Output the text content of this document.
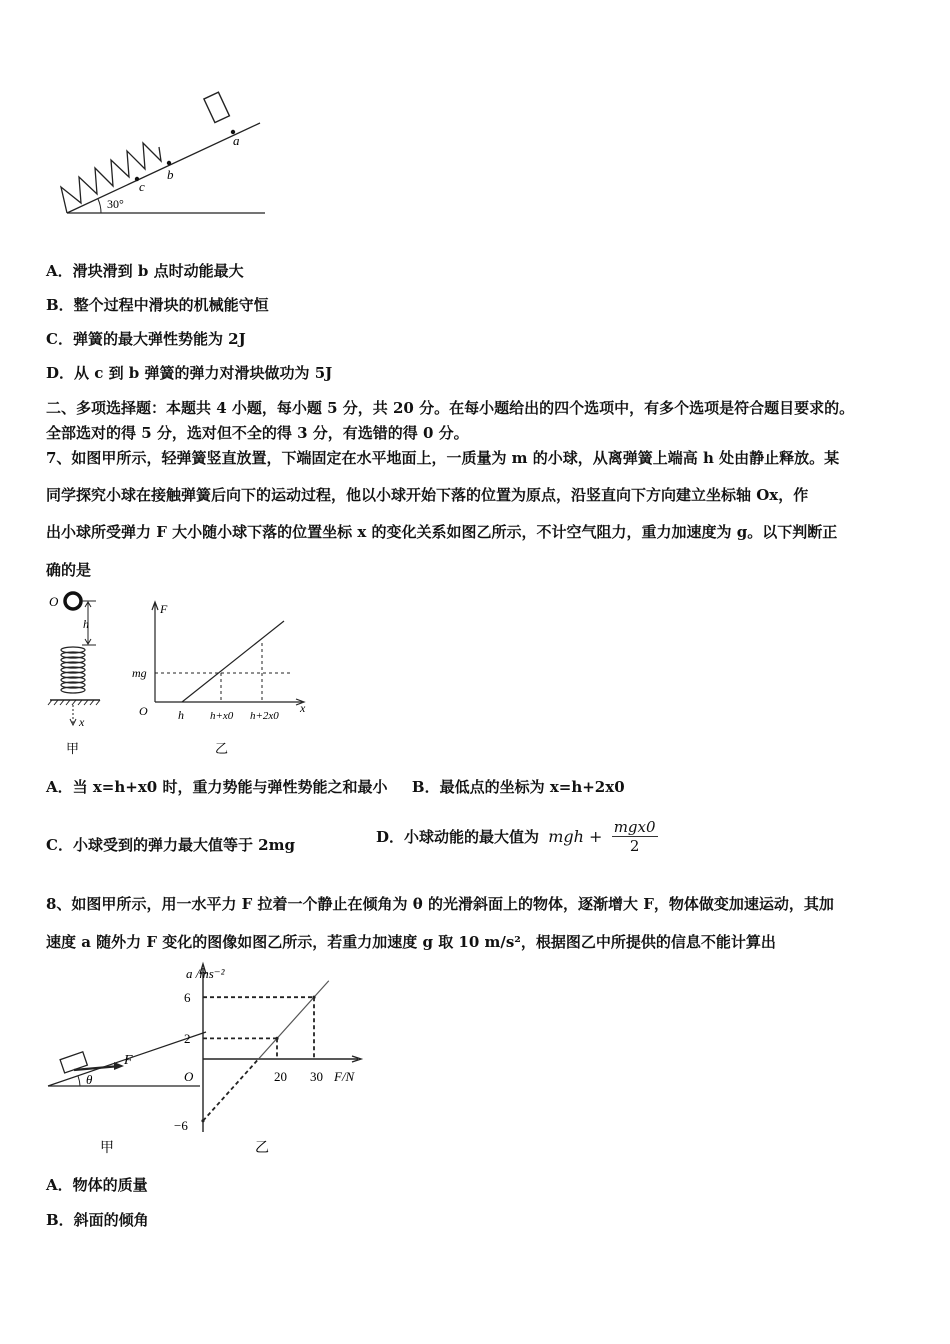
a
b
c
30°
A．滑块滑到 b 点时动能最大
B．整个过程中滑块的机械能守恒
C．弹簧的最大弹性势能为 2J
D．从 c 到 b 弹簧的弹力对滑块做功为 5J
二、多项选择题：本题共 4 小题，每小题 5 分，共 20 分。在每小题给出的四个选项中，有多个选项是符合题目要求的。
全部选对的得 5 分，选对但不全的得 3 分，有选错的得 0 分。
7、如图甲所示，轻弹簧竖直放置，下端固定在水平地面上，一质量为 m 的小球，从离弹簧上端高 h 处由静止释放。某
同学探究小球在接触弹簧后向下的运动过程，他以小球开始下落的位置为原点，沿竖直向下方向建立坐标轴 Ox，作
出小球所受弹力 F 大小随小球下落的位置坐标 x 的变化关系如图乙所示，不计空气阻力，重力加速度为 g。以下判断正
确的是
O
h
x
甲
F
x
O
mg
h h+x0 h+2x0
乙
A．当 x=h+x0 时，重力势能与弹性势能之和最小 B．最低点的坐标为 x=h+2x0
C．小球受到的弹力最大值等于 2mg	D．小球动能的最大值为 mgh + $\frac{\text{mgx0}}{2}$
8、如图甲所示，用一水平力 F 拉着一个静止在倾角为 θ 的光滑斜面上的物体，逐渐增大 F，物体做变加速运动，其加
速度 a 随外力 F 变化的图像如图乙所示，若重力加速度 g 取 10 m/s²，根据图乙中所提供的信息不能计算出
F
θ
甲
a /ms⁻²
F/N
O
6
2
−6
20 30
乙
A．物体的质量
B．斜面的倾角
